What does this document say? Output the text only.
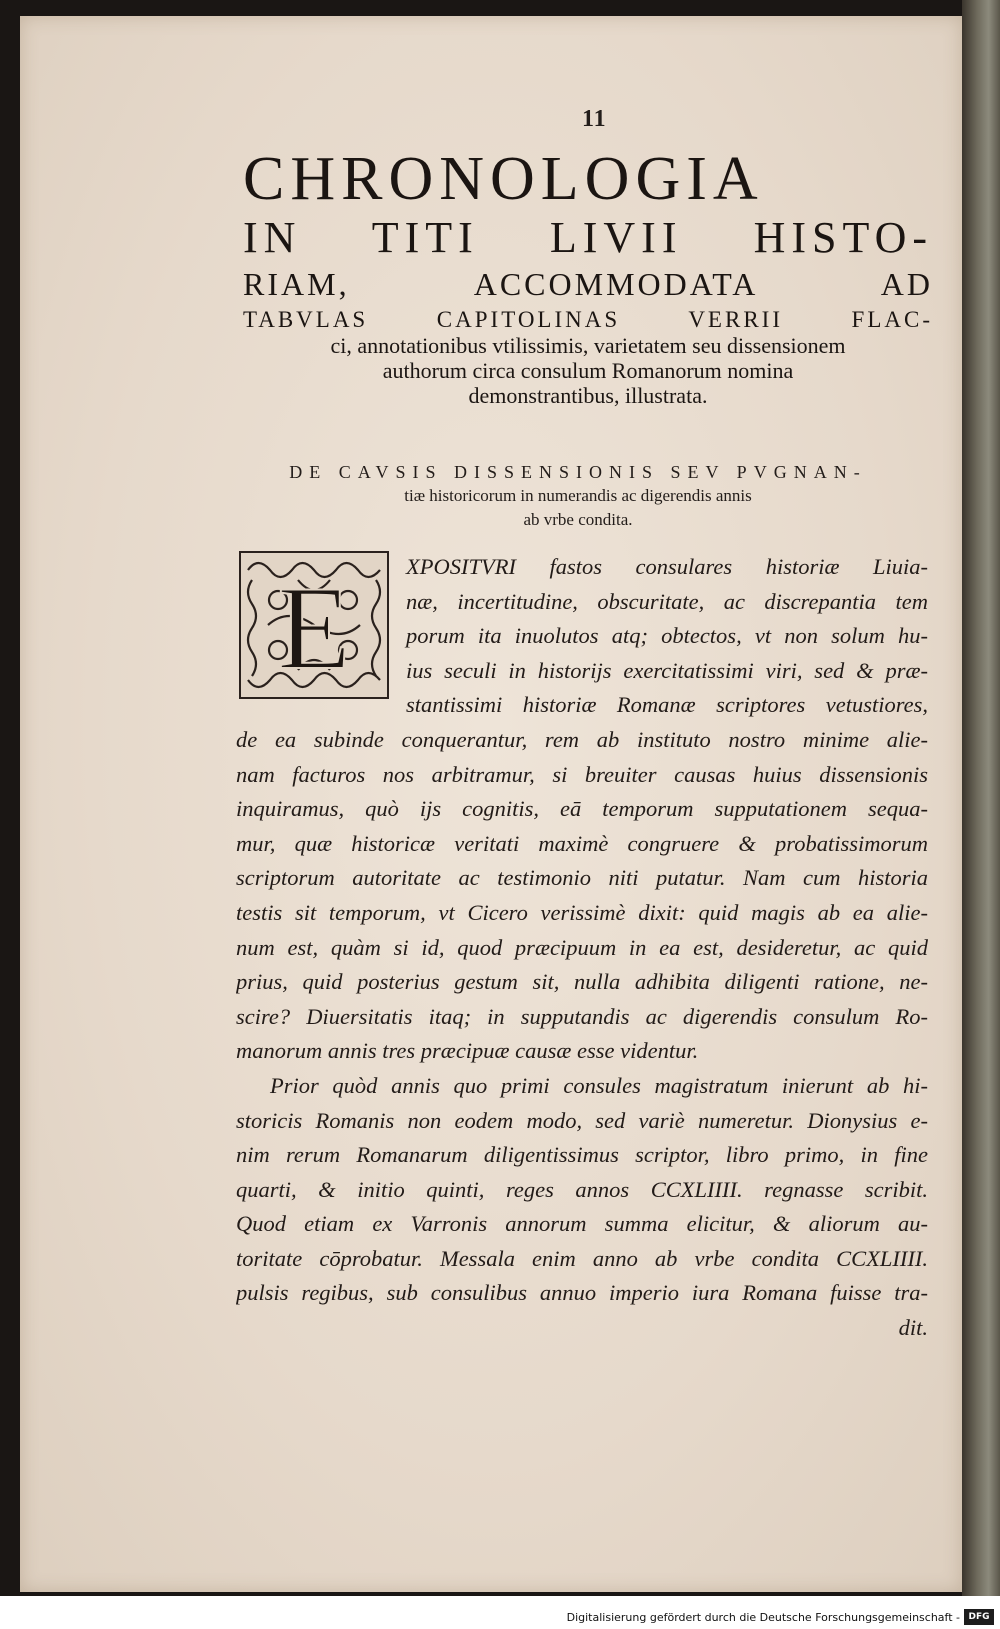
11

CHRONOLOGIA
IN TITI LIVII HISTO-
RIAM, ACCOMMODATA AD
TABVLAS CAPITOLINAS VERRII FLAC-
ci, annotationibus vtilissimis, varietatem seu dissensionem
authorum circa consulum Romanorum nomina
demonstrantibus, illustrata.
DE CAVSIS DISSENSIONIS SEV PVGNAN-
tiæ historicorum in numerandis ac digerendis annis
ab vrbe condita.
E	XPOSITVRI fastos consulares historiæ Liuia-
næ, incertitudine, obscuritate, ac discrepantia tem
porum ita inuolutos atq; obtectos, vt non solum hu-
ius seculi in historijs exercitatissimi viri, sed & præ-
stantissimi historiæ Romanæ scriptores vetustiores,
de ea subinde conquerantur, rem ab instituto nostro minime alie-
nam facturos nos arbitramur, si breuiter causas huius dissensionis
inquiramus, quò ijs cognitis, eā temporum supputationem sequa-
mur, quæ historicæ veritati maximè congruere & probatissimorum
scriptorum autoritate ac testimonio niti putatur. Nam cum historia
testis sit temporum, vt Cicero verissimè dixit: quid magis ab ea alie-
num est, quàm si id, quod præcipuum in ea est, desideretur, ac quid
prius, quid posterius gestum sit, nulla adhibita diligenti ratione, ne-
scire? Diuersitatis itaq; in supputandis ac digerendis consulum Ro-
manorum annis tres præcipuæ causæ esse videntur.
Prior quòd annis quo primi consules magistratum inierunt ab hi-
storicis Romanis non eodem modo, sed variè numeretur. Dionysius e-
nim rerum Romanarum diligentissimus scriptor, libro primo, in fine
quarti, & initio quinti, reges annos CCXLIIII. regnasse scribit.
Quod etiam ex Varronis annorum summa elicitur, & aliorum au-
toritate cōprobatur. Messala enim anno ab vrbe condita CCXLIIII.
pulsis regibus, sub consulibus annuo imperio iura Romana fuisse tra-
dit.

Digitalisierung gefördert durch die Deutsche Forschungsgemeinschaft - DFG
